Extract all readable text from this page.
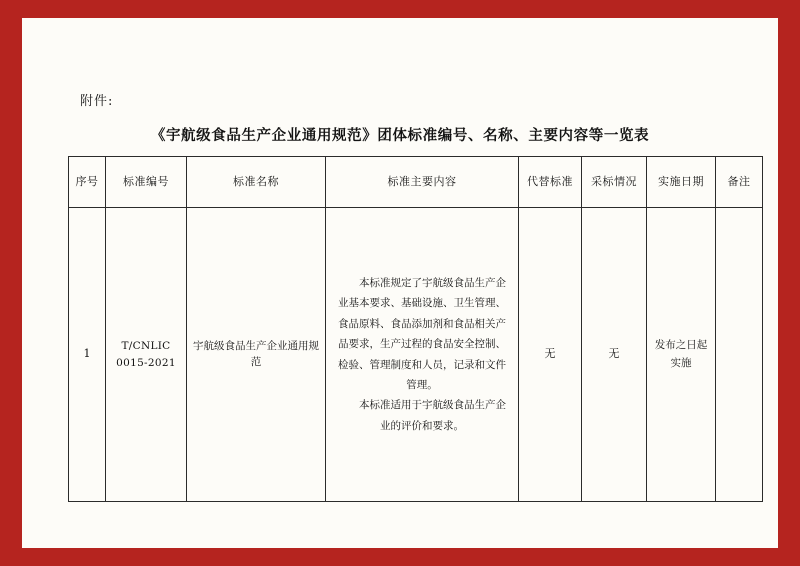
附件:
《宇航级食品生产企业通用规范》团体标准编号、名称、主要内容等一览表
序号	标准编号	标准名称	标准主要内容	代替标准	采标情况	实施日期	备注
1	T/CNLIC 0015-2021	宇航级食品生产企业通用规范	本标准规定了宇航级食品生产企业基本要求、基础设施、卫生管理、食品原料、食品添加剂和食品相关产品要求，生产过程的食品安全控制、检验、管理制度和人员，记录和文件管理。

本标准适用于宇航级食品生产企业的评价和要求。	无	无	发布之日起实施	
